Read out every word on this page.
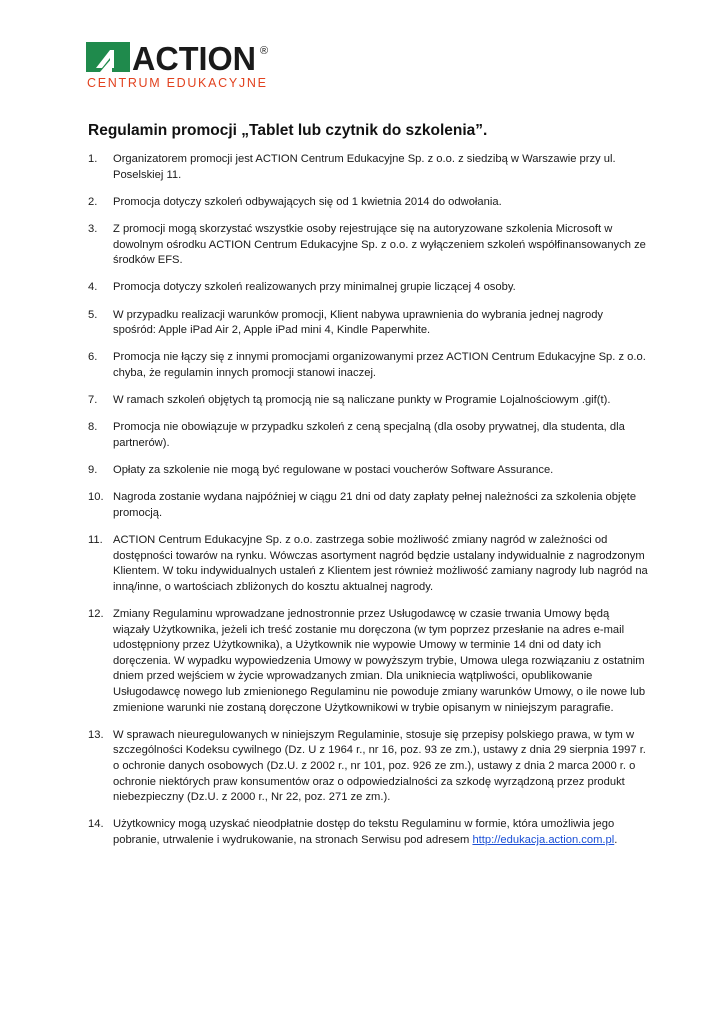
ACTION ®
CENTRUM EDUKACYJNE
Regulamin promocji „Tablet lub czytnik do szkolenia”.
1.	Organizatorem promocji jest ACTION Centrum Edukacyjne Sp. z o.o. z siedzibą w Warszawie przy ul. Poselskiej 11.
2.	Promocja dotyczy szkoleń odbywających się od 1 kwietnia 2014 do odwołania.
3.	Z promocji mogą skorzystać wszystkie osoby rejestrujące się na autoryzowane szkolenia Microsoft w dowolnym ośrodku ACTION Centrum Edukacyjne Sp. z o.o. z wyłączeniem szkoleń współfinansowanych ze środków EFS.
4.	Promocja dotyczy szkoleń realizowanych przy minimalnej grupie liczącej 4 osoby.
5.	W przypadku realizacji warunków promocji, Klient nabywa uprawnienia do wybrania jednej nagrody spośród: Apple iPad Air 2, Apple iPad mini 4, Kindle Paperwhite.
6.	Promocja nie łączy się z innymi promocjami organizowanymi przez ACTION Centrum Edukacyjne Sp. z o.o. chyba, że regulamin innych promocji stanowi inaczej.
7.	W ramach szkoleń objętych tą promocją nie są naliczane punkty w Programie Lojalnościowym .gif(t).
8.	Promocja nie obowiązuje w przypadku szkoleń z ceną specjalną (dla osoby prywatnej, dla studenta, dla partnerów).
9.	Opłaty za szkolenie nie mogą być regulowane w postaci voucherów Software Assurance.
10. Nagroda zostanie wydana najpóźniej w ciągu 21 dni od daty zapłaty pełnej należności za szkolenia objęte promocją.
11. ACTION Centrum Edukacyjne Sp. z o.o. zastrzega sobie możliwość zmiany nagród w zależności od dostępności towarów na rynku. Wówczas asortyment nagród będzie ustalany indywidualnie z nagrodzonym Klientem. W toku indywidualnych ustaleń z Klientem jest również możliwość zamiany nagrody lub nagród na inną/inne, o wartościach zbliżonych do kosztu aktualnej nagrody.
12. Zmiany Regulaminu wprowadzane jednostronnie przez Usługodawcę w czasie trwania Umowy będą wiązały Użytkownika, jeżeli ich treść zostanie mu doręczona (w tym poprzez przesłanie na adres e-mail udostępniony przez Użytkownika), a Użytkownik nie wypowie Umowy w terminie 14 dni od daty ich doręczenia. W wypadku wypowiedzenia Umowy w powyższym trybie, Umowa ulega rozwiązaniu z ostatnim dniem przed wejściem w życie wprowadzanych zmian. Dla unikniecia wątpliwości, opublikowanie Usługodawcę nowego lub zmienionego Regulaminu nie powoduje zmiany warunków Umowy, o ile nowe lub zmienione warunki nie zostaną doręczone Użytkownikowi w trybie opisanym w niniejszym paragrafie.
13. W sprawach nieuregulowanych w niniejszym Regulaminie, stosuje się przepisy polskiego prawa, w tym w szczególności Kodeksu cywilnego (Dz. U z 1964 r., nr 16, poz. 93 ze zm.), ustawy z dnia 29 sierpnia 1997 r. o ochronie danych osobowych (Dz.U. z 2002 r., nr 101, poz. 926 ze zm.), ustawy z dnia 2 marca 2000 r. o ochronie niektórych praw konsumentów oraz o odpowiedzialności za szkodę wyrządzoną przez produkt niebezpieczny (Dz.U. z 2000 r., Nr 22, poz. 271 ze zm.).
14. Użytkownicy mogą uzyskać nieodpłatnie dostęp do tekstu Regulaminu w formie, która umożliwia jego pobranie, utrwalenie i wydrukowanie, na stronach Serwisu pod adresem http://edukacja.action.com.pl.
